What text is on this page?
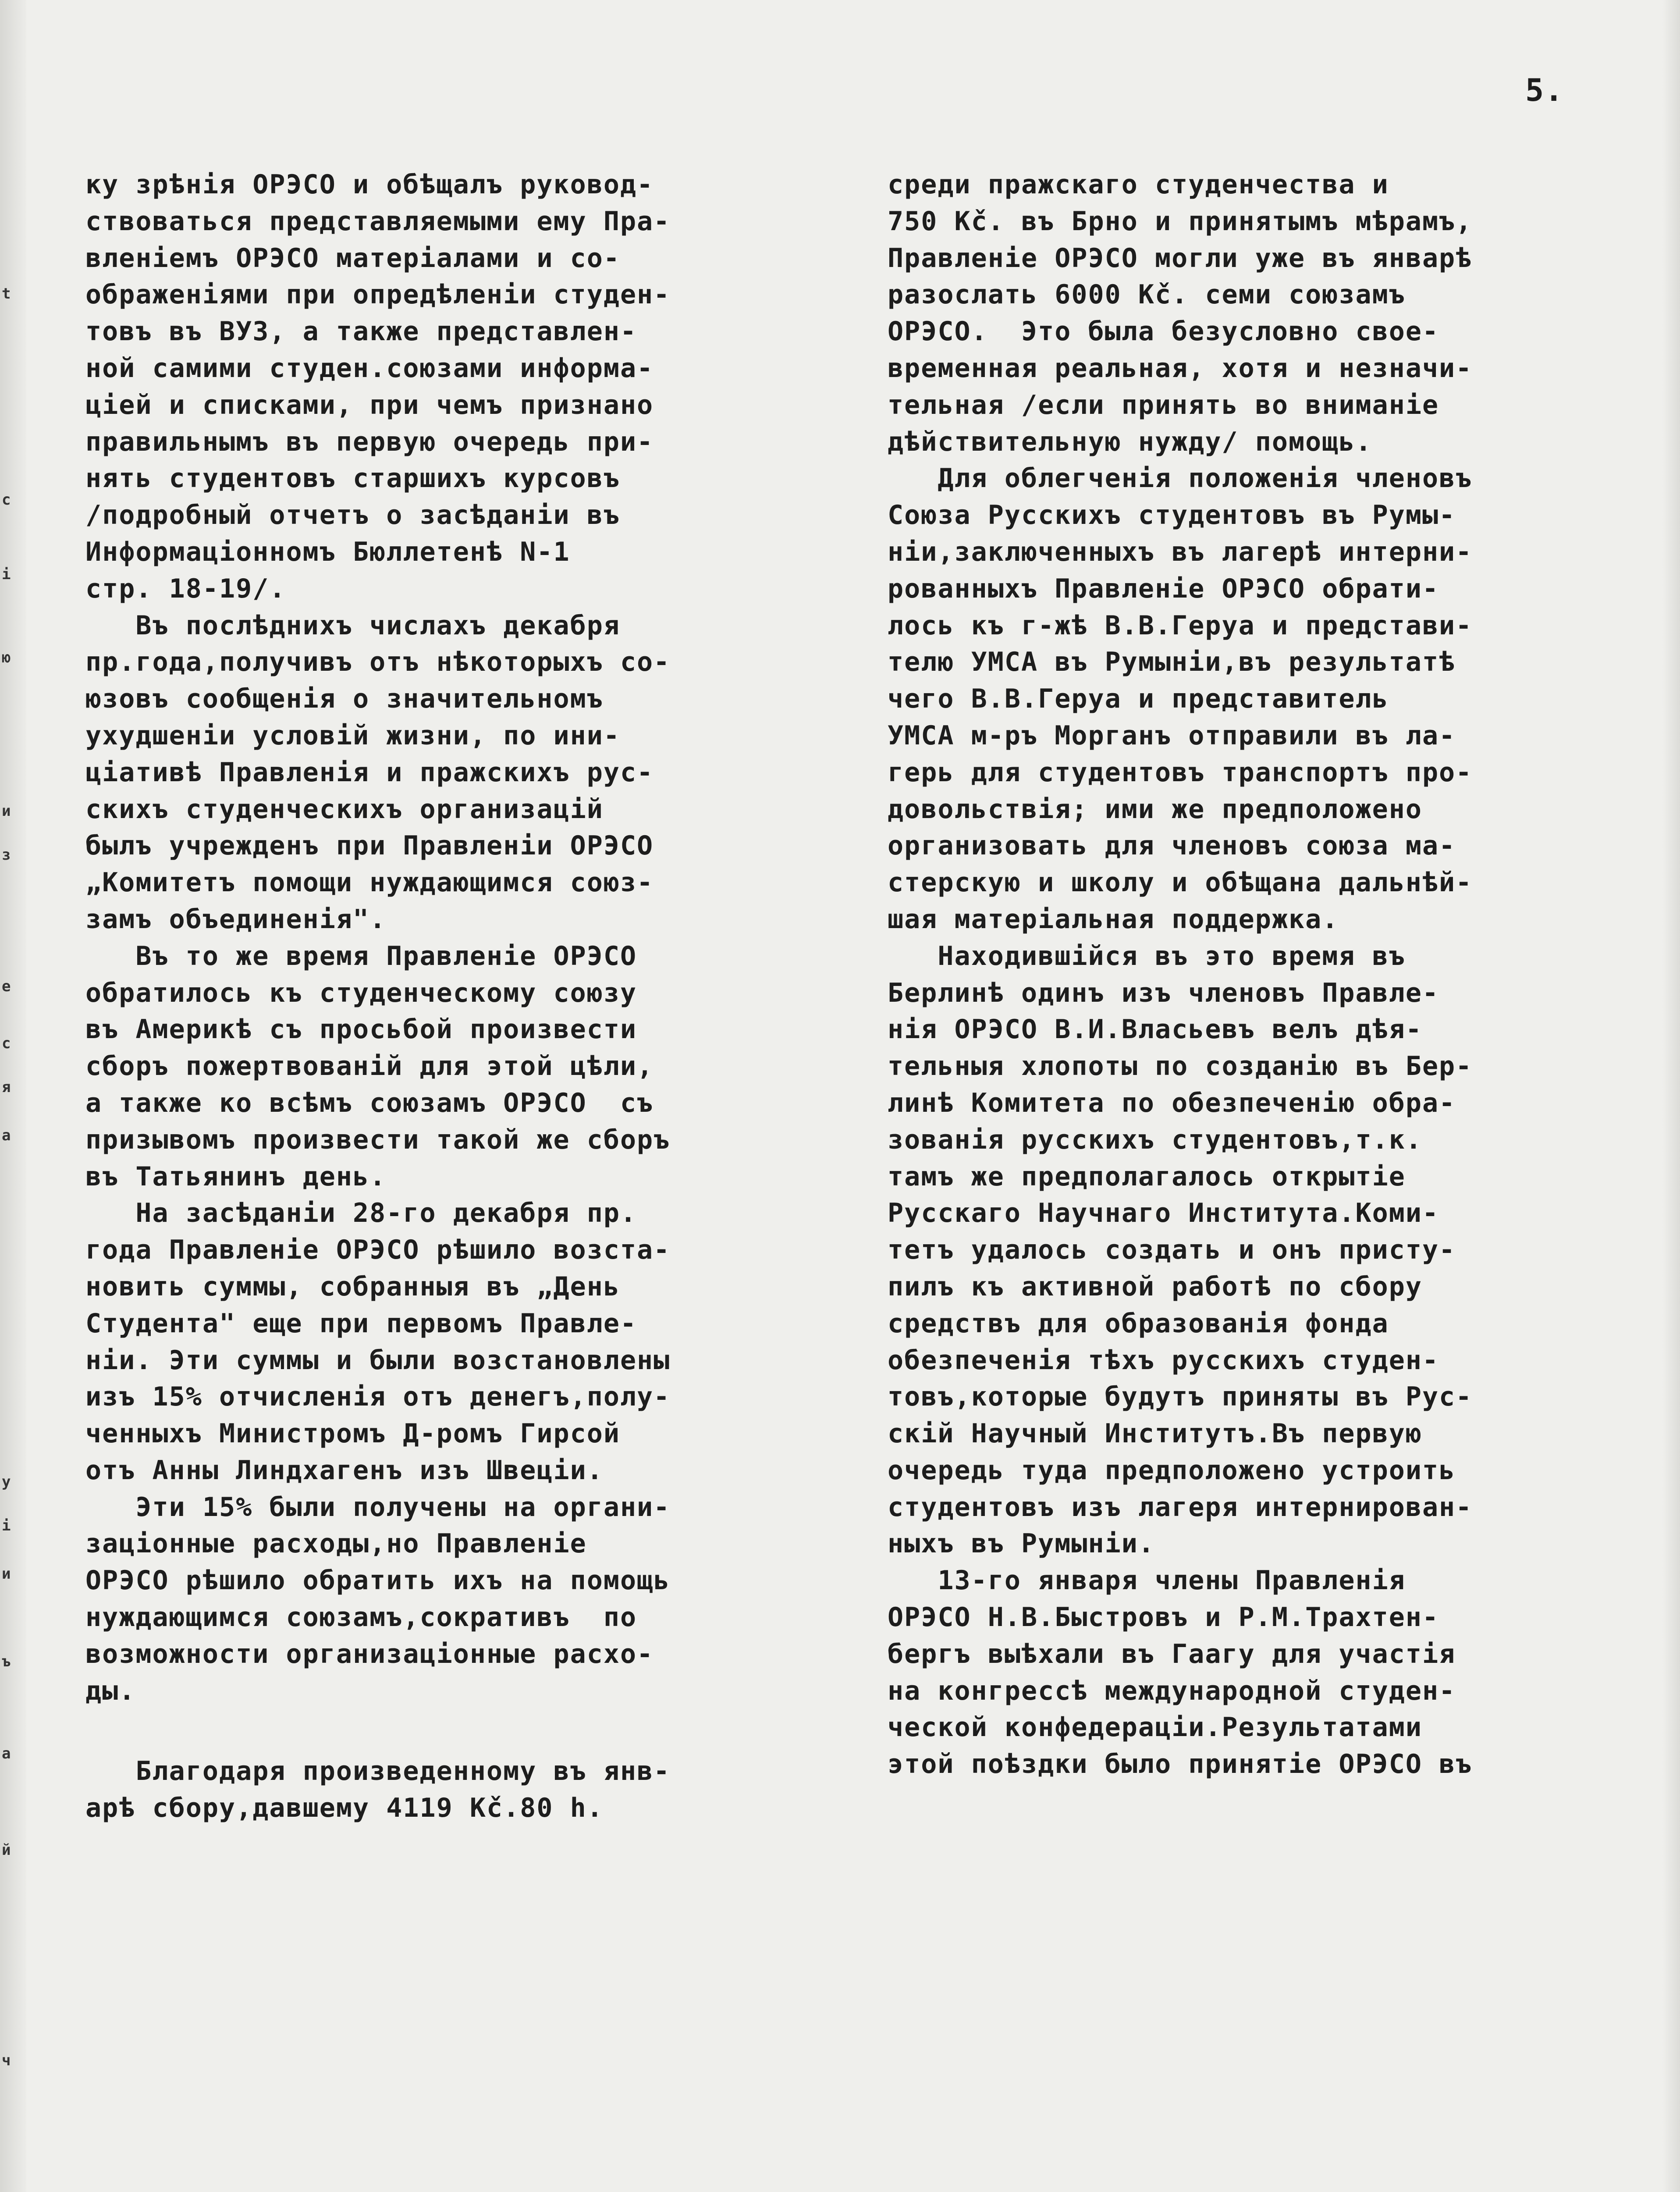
t
c
i
ю
и
з
е
с
я
а
у
і
и
ъ
а
й
ч
5.
ку зрѣнія ОРЭСО и обѣщалъ руковод-
ствоваться представляемыми ему Пра-
вленіемъ ОРЭСО матеріалами и со-
ображеніями при опредѣленіи студен-
товъ въ ВУЗ, а также представлен-
ной самими студен.союзами информа-
ціей и списками, при чемъ признано
правильнымъ въ первую очередь при-
нять студентовъ старшихъ курсовъ
/подробный отчетъ о засѣданіи въ
Информаціонномъ Бюллетенѣ N-1
стр. 18-19/.
Въ послѣднихъ числахъ декабря
пр.года,получивъ отъ нѣкоторыхъ со-
юзовъ сообщенія о значительномъ
ухудшеніи условій жизни, по ини-
ціативѣ Правленія и пражскихъ рус-
скихъ студенческихъ организацій
былъ учрежденъ при Правленіи ОРЭСО
„Комитетъ помощи нуждающимся союз-
замъ объединенія".
Въ то же время Правленіе ОРЭСО
обратилось къ студенческому союзу
въ Америкѣ съ просьбой произвести
сборъ пожертвованій для этой цѣли,
а также ко всѣмъ союзамъ ОРЭСО  съ
призывомъ произвести такой же сборъ
въ Татьянинъ день.
На засѣданіи 28-го декабря пр.
года Правленіе ОРЭСО рѣшило возста-
новить суммы, собранныя въ „День
Студента" еще при первомъ Правле-
ніи. Эти суммы и были возстановлены
изъ 15% отчисленія отъ денегъ,полу-
ченныхъ Министромъ Д-ромъ Гирсой
отъ Анны Линдхагенъ изъ Швеціи.
Эти 15% были получены на органи-
заціонные расходы,но Правленіе
ОРЭСО рѣшило обратить ихъ на помощь
нуждающимся союзамъ,сокративъ  по
возможности организаціонные расхо-
ды.
Благодаря произведенному въ янв-
арѣ сбору,давшему 4119 Кč.80 h.
среди пражскаго студенчества и
750 Кč. въ Брно и принятымъ мѣрамъ,
Правленіе ОРЭСО могли уже въ январѣ
разослать 6000 Кč. семи союзамъ
ОРЭСО.  Это была безусловно свое-
временная реальная, хотя и незначи-
тельная /если принять во вниманіе
дѣйствительную нужду/ помощь.
Для облегченія положенія членовъ
Союза Русскихъ студентовъ въ Румы-
ніи,заключенныхъ въ лагерѣ интерни-
рованныхъ Правленіе ОРЭСО обрати-
лось къ г-жѣ В.В.Геруа и представи-
телю УМСА въ Румыніи,въ результатѣ
чего В.В.Геруа и представитель
УМСА м-ръ Морганъ отправили въ ла-
герь для студентовъ транспортъ про-
довольствія; ими же предположено
организовать для членовъ союза ма-
стерскую и школу и обѣщана дальнѣй-
шая матеріальная поддержка.
Находившійся въ это время въ
Берлинѣ одинъ изъ членовъ Правле-
нія ОРЭСО В.И.Власьевъ велъ дѣя-
тельныя хлопоты по созданію въ Бер-
линѣ Комитета по обезпеченію обра-
зованія русскихъ студентовъ,т.к.
тамъ же предполагалось открытіе
Русскаго Научнаго Института.Коми-
тетъ удалось создать и онъ присту-
пилъ къ активной работѣ по сбору
средствъ для образованія фонда
обезпеченія тѣхъ русскихъ студен-
товъ,которые будутъ приняты въ Рус-
скій Научный Институтъ.Въ первую
очередь туда предположено устроить
студентовъ изъ лагеря интернирован-
ныхъ въ Румыніи.
13-го января члены Правленія
ОРЭСО Н.В.Быстровъ и Р.М.Трахтен-
бергъ выѣхали въ Гаагу для участія
на конгрессѣ международной студен-
ческой конфедераціи.Результатами
этой поѣздки было принятіе ОРЭСО въ
